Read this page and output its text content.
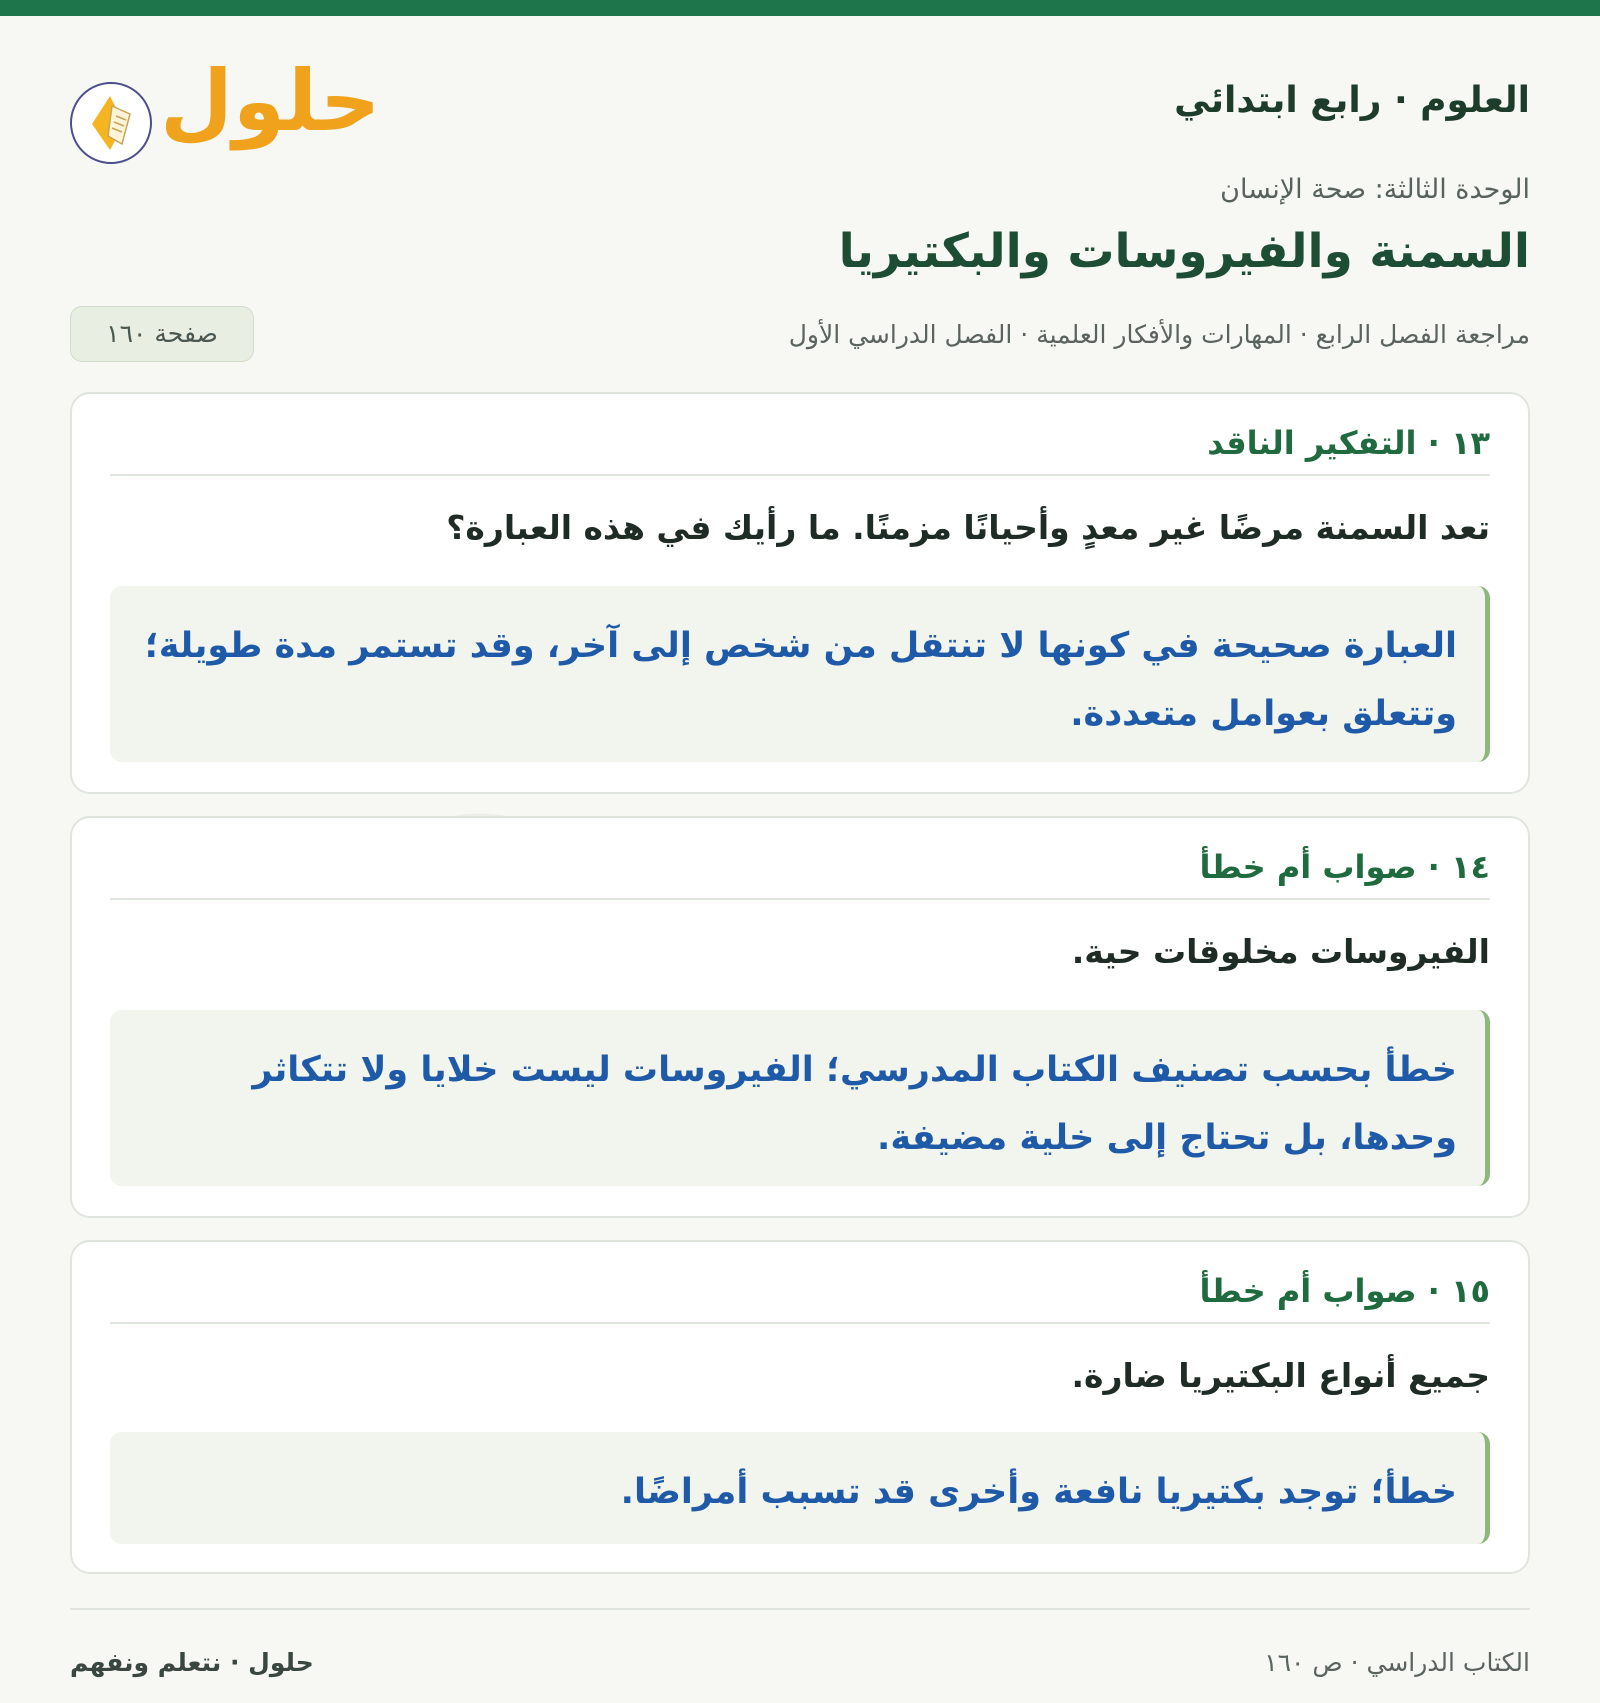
العلوم · رابع ابتدائي
الوحدة الثالثة: صحة الإنسان
السمنة والفيروسات والبكتيريا
حلول
مراجعة الفصل الرابع · المهارات والأفكار العلمية · الفصل الدراسي الأول
صفحة ١٦٠
١٣ · التفكير الناقد

تعد السمنة مرضًا غير معدٍ وأحيانًا مزمنًا. ما رأيك في هذه العبارة؟

العبارة صحيحة في كونها لا تنتقل من شخص إلى آخر، وقد تستمر مدة طويلة؛ وتتعلق بعوامل متعددة.
١٤ · صواب أم خطأ

الفيروسات مخلوقات حية.

خطأ بحسب تصنيف الكتاب المدرسي؛ الفيروسات ليست خلايا ولا تتكاثر وحدها، بل تحتاج إلى خلية مضيفة.
١٥ · صواب أم خطأ

جميع أنواع البكتيريا ضارة.

خطأ؛ توجد بكتيريا نافعة وأخرى قد تسبب أمراضًا.
حلول · نتعلم ونفهم	الكتاب الدراسي · ص ١٦٠
